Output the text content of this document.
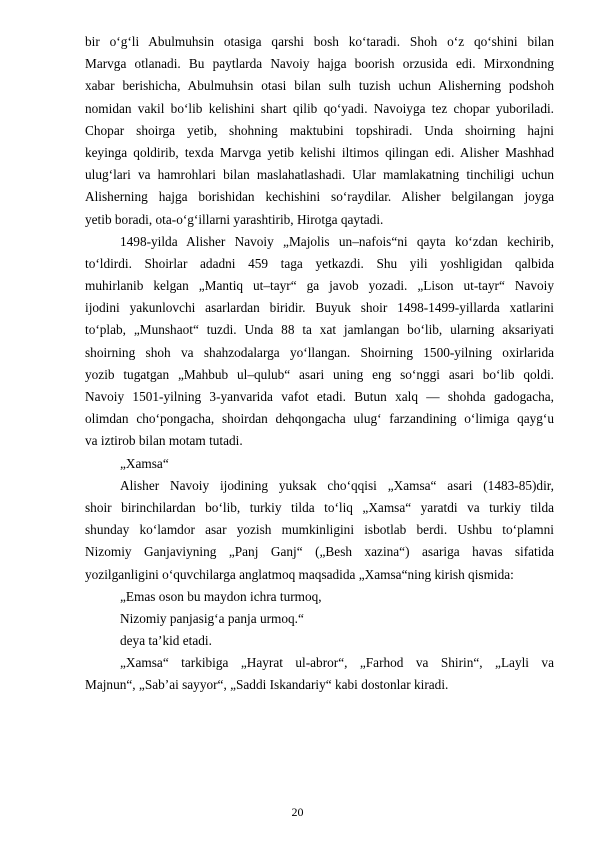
bir o‘g‘li Abulmuhsin otasiga qarshi bosh ko‘taradi. Shoh o‘z qo‘shini bilan
Marvga otlanadi. Bu paytlarda Navoiy hajga boorish orzusida edi. Mirxondning
xabar berishicha, Abulmuhsin otasi bilan sulh tuzish uchun Alisherning podshoh
nomidan vakil bo‘lib kelishini shart qilib qo‘yadi. Navoiyga tez chopar yuboriladi.
Chopar shoirga yetib, shohning maktubini topshiradi. Unda shoirning hajni
keyinga qoldirib, texda Marvga yetib kelishi iltimos qilingan edi. Alisher Mashhad
ulug‘lari va hamrohlari bilan maslahatlashadi. Ular mamlakatning tinchiligi uchun
Alisherning hajga borishidan kechishini so‘raydilar. Alisher belgilangan joyga
yetib boradi, ota-o‘g‘illarni yarashtirib, Hirotga qaytadi.
1498-yilda Alisher Navoiy „Majolis un–nafois“ni qayta ko‘zdan kechirib,
to‘ldirdi. Shoirlar adadni 459 taga yetkazdi. Shu yili yoshligidan qalbida
muhirlanib kelgan „Mantiq ut–tayr“ ga javob yozadi. „Lison ut-tayr“ Navoiy
ijodini yakunlovchi asarlardan biridir. Buyuk shoir 1498-1499-yillarda xatlarini
to‘plab, „Munshaot“ tuzdi. Unda 88 ta xat jamlangan bo‘lib, ularning aksariyati
shoirning shoh va shahzodalarga yo‘llangan. Shoirning 1500-yilning oxirlarida
yozib tugatgan „Mahbub ul–qulub“ asari uning eng so‘nggi asari bo‘lib qoldi.
Navoiy 1501-yilning 3-yanvarida vafot etadi. Butun xalq — shohda gadogacha,
olimdan cho‘pongacha, shoirdan dehqongacha ulug‘ farzandining o‘limiga qayg‘u
va iztirob bilan motam tutadi.
„Xamsa“
Alisher Navoiy ijodining yuksak cho‘qqisi „Xamsa“ asari (1483-85)dir,
shoir birinchilardan bo‘lib, turkiy tilda to‘liq „Xamsa“ yaratdi va turkiy tilda
shunday ko‘lamdor asar yozish mumkinligini isbotlab berdi. Ushbu to‘plamni
Nizomiy Ganjaviyning „Panj Ganj“ („Besh xazina“) asariga havas sifatida
yozilganligini o‘quvchilarga anglatmoq maqsadida „Xamsa“ning kirish qismida:
„Emas oson bu maydon ichra turmoq,
Nizomiy panjasig‘a panja urmoq.“
deya ta’kid etadi.
„Xamsa“ tarkibiga „Hayrat ul-abror“, „Farhod va Shirin“, „Layli va
Majnun“, „Sab’ai sayyor“, „Saddi Iskandariy“ kabi dostonlar kiradi.
20
